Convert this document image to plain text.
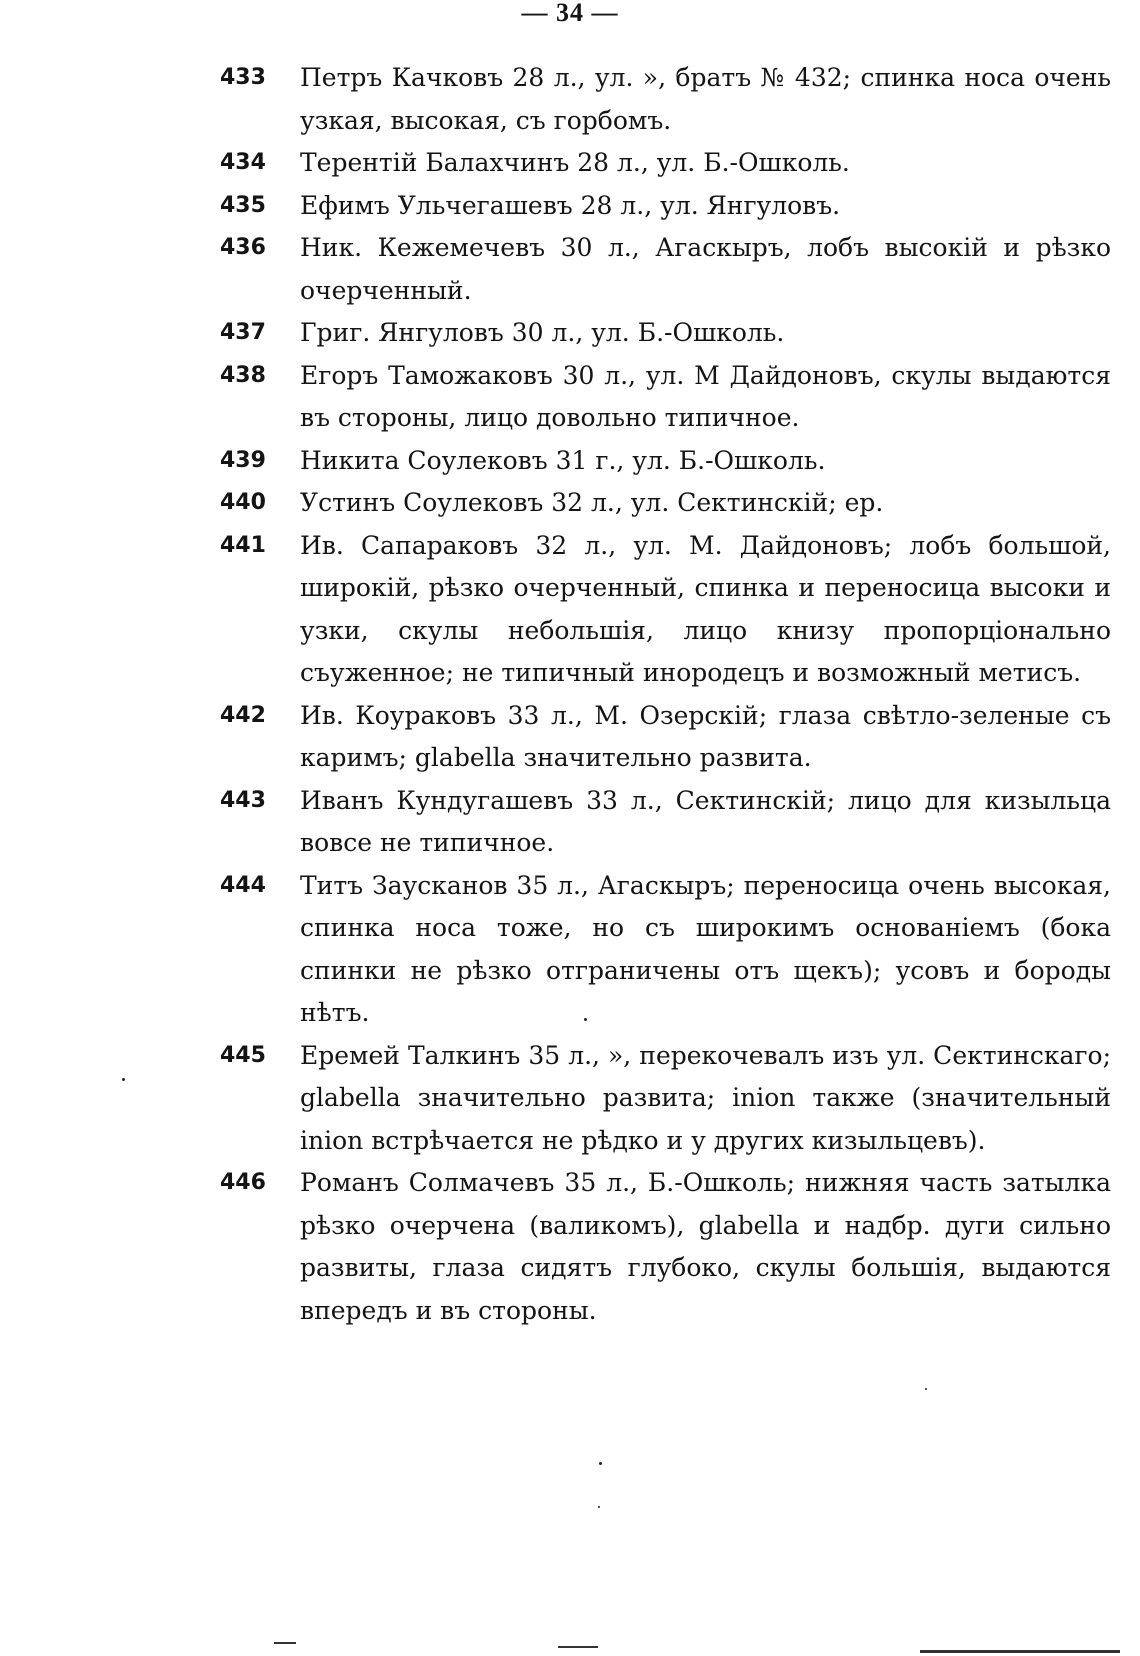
— 34 —
433	Петръ Качковъ 28 л., ул. », братъ № 432; спинка носа очень узкая, высокая, съ горбомъ.
434	Терентій Балахчинъ 28 л., ул. Б.-Ошколь.
435	Ефимъ Ульчегашевъ 28 л., ул. Янгуловъ.
436	Ник. Кежемечевъ 30 л., Агаскыръ, лобъ высокій и рѣзко очерченный.
437	Григ. Янгуловъ 30 л., ул. Б.-Ошколь.
438	Егоръ Таможаковъ 30 л., ул. М Дайдоновъ, скулы выдаются въ стороны, лицо довольно типичное.
439	Никита Соулековъ 31 г., ул. Б.-Ошколь.
440	Устинъ Соулековъ 32 л., ул. Сектинскій; ер.
441	Ив. Сапараковъ 32 л., ул. М. Дайдоновъ; лобъ большой, широкій, рѣзко очерченный, спинка и переносица высоки и узки, скулы небольшія, лицо книзу пропорціонально съуженное; не типичный инородецъ и возможный метисъ.
442	Ив. Коураковъ 33 л., М. Озерскій; глаза свѣтло-зеленые съ каримъ; glabella значительно развита.
443	Иванъ Кундугашевъ 33 л., Сектинскій; лицо для кизыльца вовсе не типичное.
444	Титъ Заусканов 35 л., Агаскыръ; переносица очень высокая, спинка носа тоже, но съ широкимъ основаніемъ (бока спинки не рѣзко отграничены отъ щекъ); усовъ и бороды нѣтъ.
445	Еремей Талкинъ 35 л., », перекочевалъ изъ ул. Сектинскаго; glabella значительно развита; inion также (значительный inion встрѣчается не рѣдко и у других кизыльцевъ).
446	Романъ Солмачевъ 35 л., Б.-Ошколь; нижняя часть затылка рѣзко очерчена (валикомъ), glabella и надбр. дуги сильно развиты, глаза сидятъ глубоко, скулы большія, выдаются впередъ и въ стороны.
